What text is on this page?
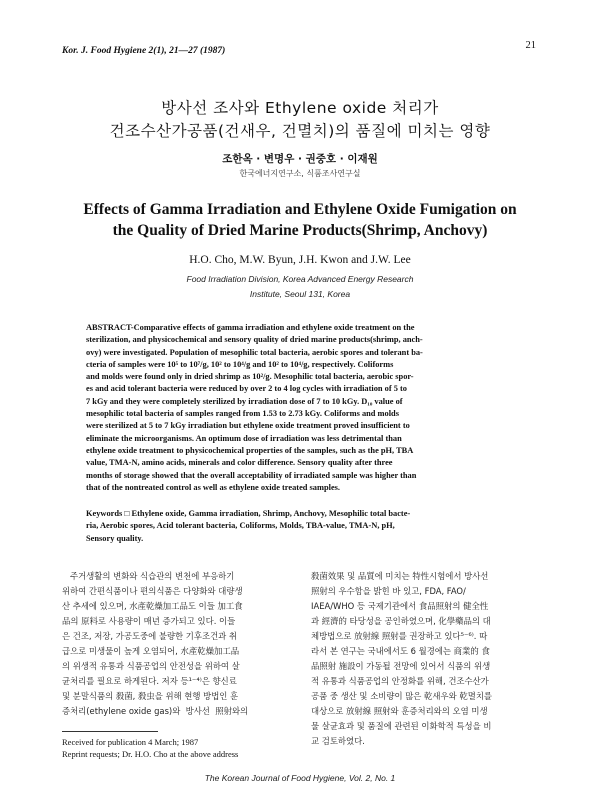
Kor. J. Food Hygiene 2(1), 21—27 (1987)	21
방사선 조사와 Ethylene oxide 처리가
건조수산가공품(건새우, 건멸치)의 품질에 미치는 영향
조한옥 · 변명우 · 권중호 · 이재원
한국에너지연구소, 식품조사연구실
Effects of Gamma Irradiation and Ethylene Oxide Fumigation on
the Quality of Dried Marine Products(Shrimp, Anchovy)
H.O. Cho, M.W. Byun, J.H. Kwon and J.W. Lee
Food Irradiation Division, Korea Advanced Energy Research
Institute, Seoul 131, Korea
ABSTRACT-Comparative effects of gamma irradiation and ethylene oxide treatment on the
sterilization, and physicochemical and sensory quality of dried marine products(shrimp, anch-
ovy) were investigated. Population of mesophilic total bacteria, aerobic spores and tolerant ba-
cteria of samples were 10⁵ to 10⁷/g, 10² to 10⁴/g and 10² to 10⁴/g, respectively. Coliforms
and molds were found only in dried shrimp as 10²/g. Mesophilic total bacteria, aerobic spor-
es and acid tolerant bacteria were reduced by over 2 to 4 log cycles with irradiation of 5 to
7 kGy and they were completely sterilized by irradiation dose of 7 to 10 kGy. D₁₀ value of
mesophilic total bacteria of samples ranged from 1.53 to 2.73 kGy. Coliforms and molds
were sterilized at 5 to 7 kGy irradiation but ethylene oxide treatment proved insufficient to
eliminate the microorganisms. An optimum dose of irradiation was less detrimental than
ethylene oxide treatment to physicochemical properties of the samples, such as the pH, TBA
value, TMA-N, amino acids, minerals and color difference. Sensory quality after three
months of storage showed that the overall acceptability of irradiated sample was higher than
that of the nontreated control as well as ethylene oxide treated samples.
Keywords □ Ethylene oxide, Gamma irradiation, Shrimp, Anchovy, Mesophilic total bacte-
ria, Aerobic spores, Acid tolerant bacteria, Coliforms, Molds, TBA-value, TMA-N, pH,
Sensory quality.
주거생활의 변화와 식습관의 변천에 부응하기
위하여 간편식품이나 편의식품은 다양화와 대량생
산 추세에 있으며, 水產乾燥加工品도 이들 加工食
品의 原料로 사용량이 매년 증가되고 있다. 이들
은 건조, 저장, 가공도중에 불량한 기후조건과 취
급으로 미생물이 높게 오염되어, 水產乾燥加工品
의 위생적 유통과 식품공업의 안전성을 위하여 살
균처리를 필요로 하게된다. 저자 등¹⁻⁴⁾은 향신료
및 분말식품의 殺菌, 殺虫을 위해 현행 방법인 훈
증처리(ethylene oxide gas)와  방사선  照射와의
殺菌效果 및 品質에 미치는 特性시험에서 방사선
照射의 우수함을 밝힌 바 있고, FDA, FAO/
IAEA/WHO 등 국제기관에서 食品照射의 健全性
과 經濟的 타당성을 공인하였으며, 化學藥品의 대
체방법으로 放射線 照射를 권장하고 있다⁵⁻⁶⁾. 따
라서 본 연구는 국내에서도 6 월경에는 商業的 食
品照射 施設이 가동될 전망에 있어서 식품의 위생
적 유통과 식품공업의 안정화를 위해, 건조수산가
공품 중 생산 및 소비량이 많은 乾새우와 乾멸치를
대상으로 放射線 照射와 훈증처리와의 오염 미생
물 살균효과 및 품질에 관련된 이화학적 특성을 비
교 검토하였다.
Received for publication 4 March; 1987
Reprint requests; Dr. H.O. Cho at the above address
The Korean Journal of Food Hygiene, Vol. 2, No. 1
